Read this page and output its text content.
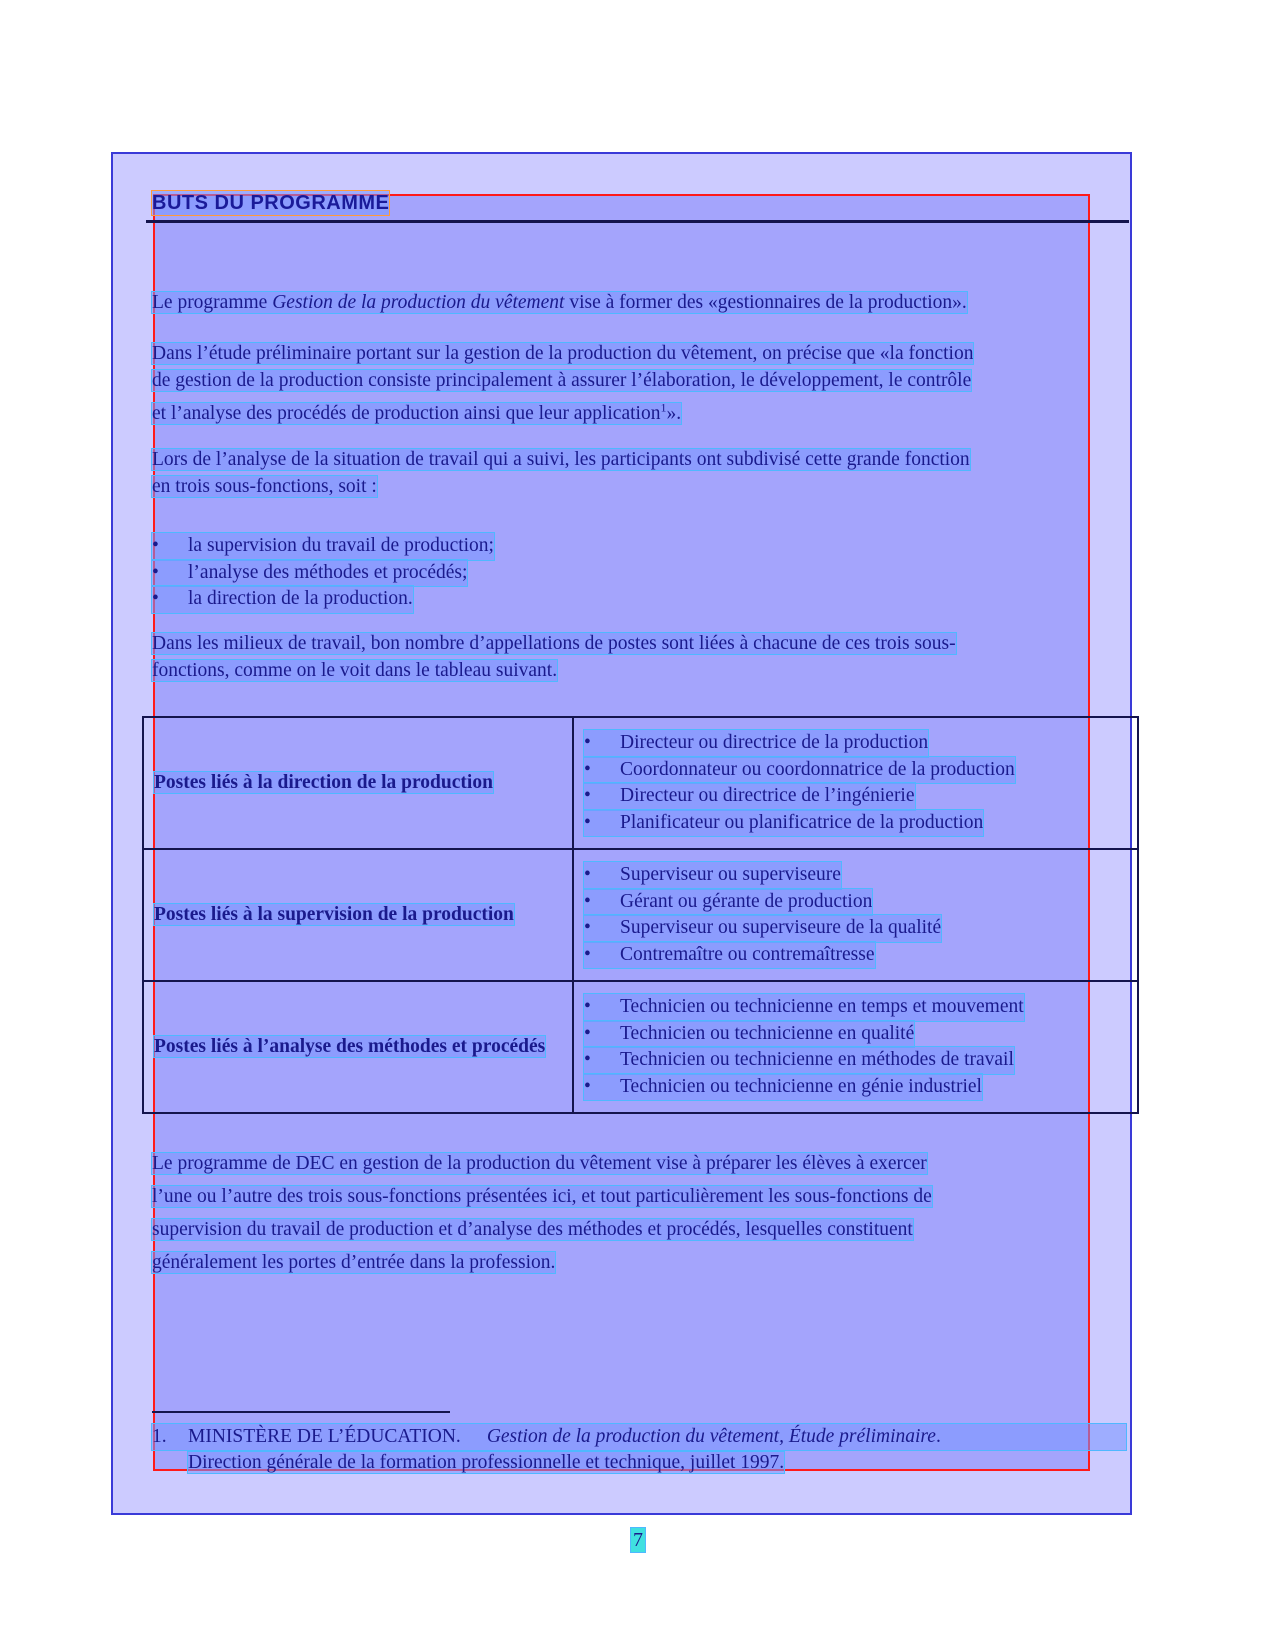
BUTS DU PROGRAMME
Le programme Gestion de la production du vêtement vise à former des «gestionnaires de la production».
Dans l’étude préliminaire portant sur la gestion de la production du vêtement, on précise que «la fonction
de gestion de la production consiste principalement à assurer l’élaboration, le développement, le contrôle
et l’analyse des procédés de production ainsi que leur application$^1$».
Lors de l’analyse de la situation de travail qui a suivi, les participants ont subdivisé cette grande fonction
en trois sous-fonctions, soit :
• la supervision du travail de production;
• l’analyse des méthodes et procédés;
• la direction de la production.
Dans les milieux de travail, bon nombre d’appellations de postes sont liées à chacune de ces trois sous-
fonctions, comme on le voit dans le tableau suivant.
Postes liés à la direction de la production	• Directeur ou directrice de la production
• Coordonnateur ou coordonnatrice de la production
• Directeur ou directrice de l’ingénierie
• Planificateur ou planificatrice de la production

Postes liés à la supervision de la production	• Superviseur ou superviseure
• Gérant ou gérante de production
• Superviseur ou superviseure de la qualité
• Contremaître ou contremaîtresse

Postes liés à l’analyse des méthodes et procédés	• Technicien ou technicienne en temps et mouvement
• Technicien ou technicienne en qualité
• Technicien ou technicienne en méthodes de travail
• Technicien ou technicienne en génie industriel
Le programme de DEC en gestion de la production du vêtement vise à préparer les élèves à exercer
l’une ou l’autre des trois sous-fonctions présentées ici, et tout particulièrement les sous-fonctions de
supervision du travail de production et d’analyse des méthodes et procédés, lesquelles constituent
généralement les portes d’entrée dans la profession.
1.	MINISTÈRE DE L’ÉDUCATION. Gestion de la production du vêtement, Étude préliminaire.
Direction générale de la formation professionnelle et technique, juillet 1997.
7
